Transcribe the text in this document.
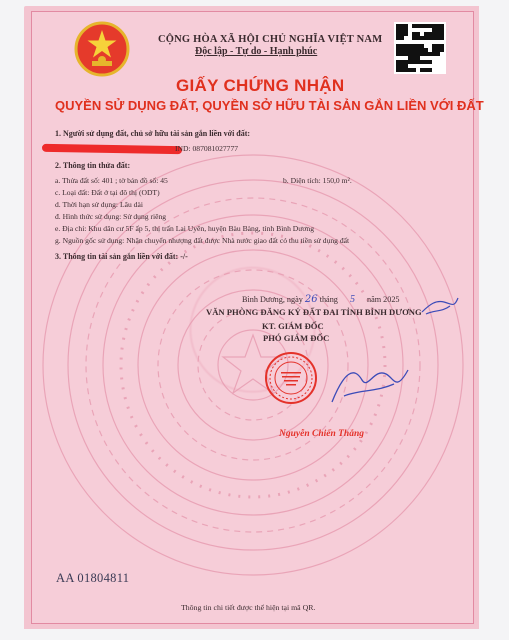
CỘNG HÒA XÃ HỘI CHỦ NGHĨA VIỆT NAM
Độc lập - Tự do - Hạnh phúc
GIẤY CHỨNG NHẬN
QUYỀN SỬ DỤNG ĐẤT, QUYỀN SỞ HỮU TÀI SẢN GẮN LIỀN VỚI ĐẤT
1. Người sử dụng đất, chủ sở hữu tài sản gắn liền với đất:
IND: 087081027777
2. Thông tin thửa đất:
a. Thửa đất số: 401 ; tờ bản đồ số: 45	b. Diện tích: 150,0 m².
c. Loại đất: Đất ở tại đô thị (ODT)
d. Thời hạn sử dụng: Lâu dài
đ. Hình thức sử dụng: Sử dụng riêng
e. Địa chỉ: Khu dân cư 5F ấp 5, thị trấn Lai Uyên, huyện Bàu Bàng, tỉnh Bình Dương
g. Nguồn gốc sử dụng: Nhận chuyển nhượng đất được Nhà nước giao đất có thu tiền sử dụng đất
3. Thông tin tài sản gắn liền với đất: -/-
Bình Dương, ngày 26 tháng 5 năm 2025
VĂN PHÒNG ĐĂNG KÝ ĐẤT ĐAI TỈNH BÌNH DƯƠNG
KT. GIÁM ĐỐC
PHÓ GIÁM ĐỐC
Nguyễn Chiến Thắng
AA 01804811
Thông tin chi tiết được thể hiện tại mã QR.
